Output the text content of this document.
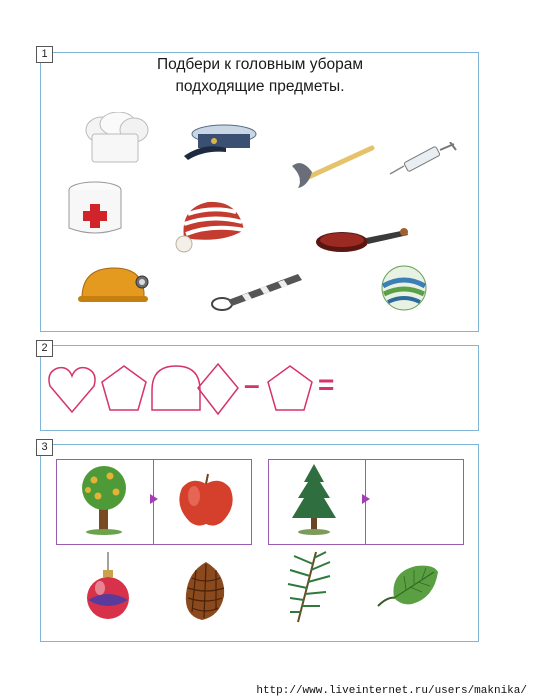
1
Подбери к головным уборам
подходящие предметы.
2
– =
3
http://www.liveinternet.ru/users/maknika/
